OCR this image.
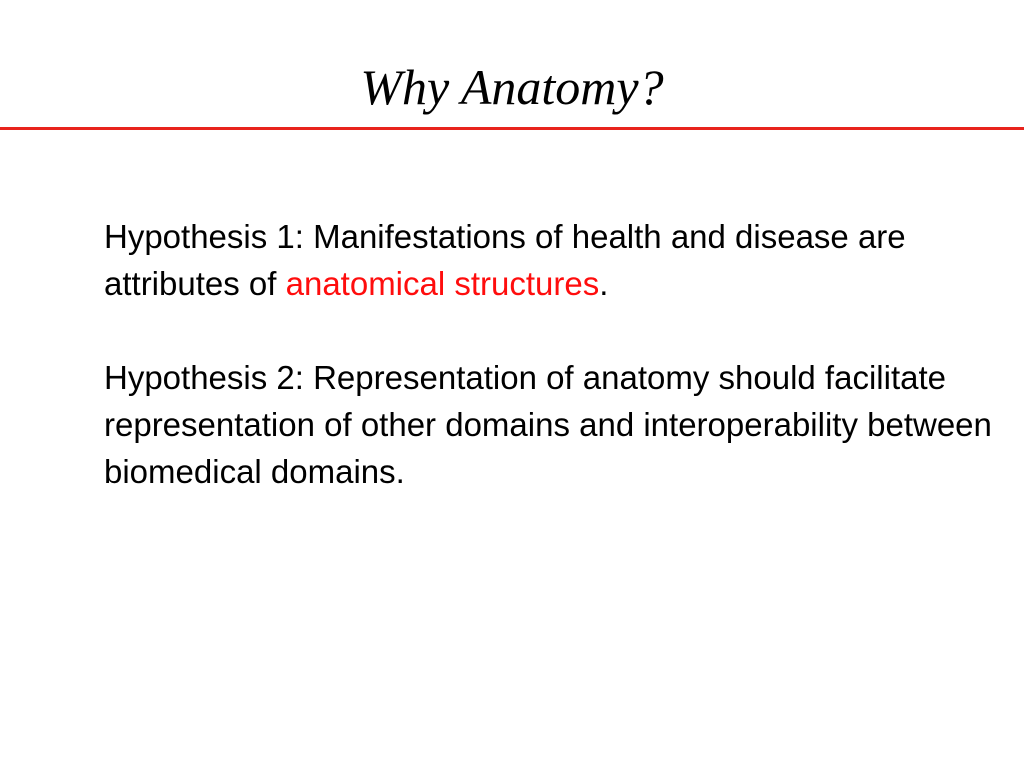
Why Anatomy?

Hypothesis 1: Manifestations of health and disease are attributes of anatomical structures.

Hypothesis 2: Representation of anatomy should facilitate representation of other domains and interoperability between biomedical domains.
